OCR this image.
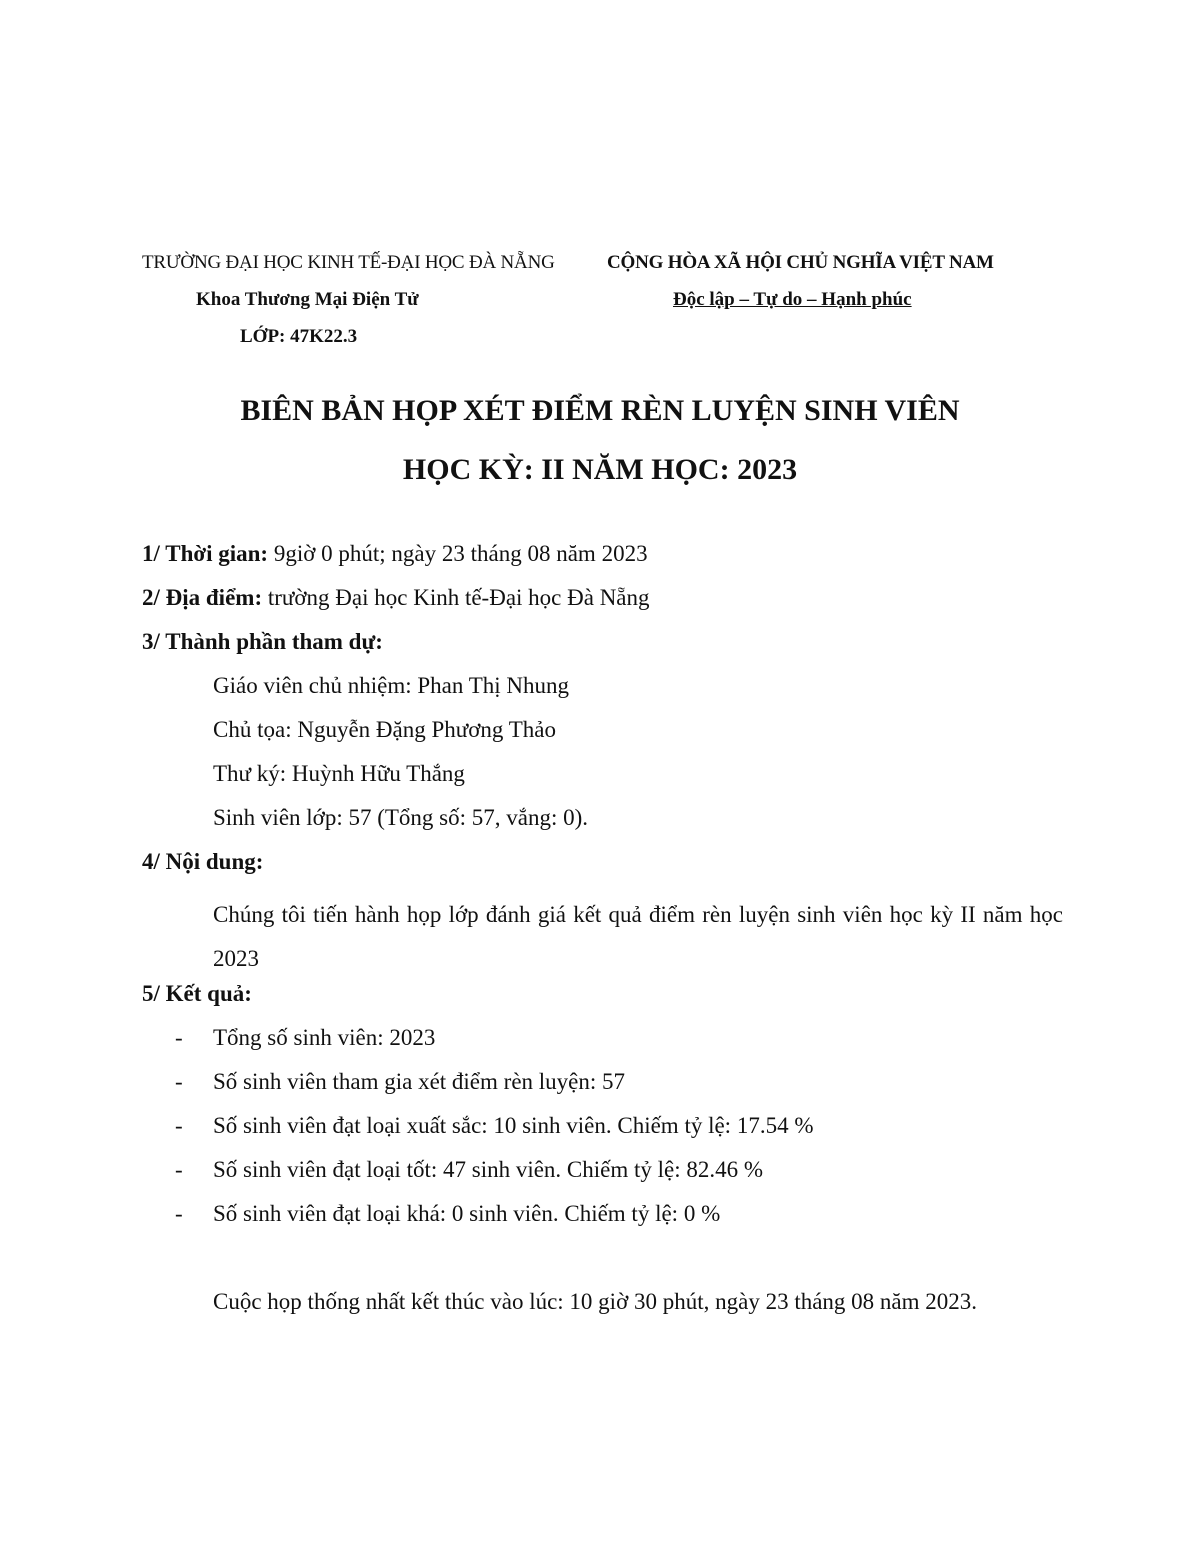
TRƯỜNG ĐẠI HỌC KINH TẾ-ĐẠI HỌC ĐÀ NẴNG
Khoa Thương Mại Điện Tử
LỚP: 47K22.3
CỘNG HÒA XÃ HỘI CHỦ NGHĨA VIỆT NAM
Độc lập – Tự do – Hạnh phúc
BIÊN BẢN HỌP XÉT ĐIỂM RÈN LUYỆN SINH VIÊN
HỌC KỲ: II NĂM HỌC: 2023
1/ Thời gian: 9giờ 0 phút; ngày 23 tháng 08 năm 2023
2/ Địa điểm: trường Đại học Kinh tế-Đại học Đà Nẵng
3/ Thành phần tham dự:
Giáo viên chủ nhiệm: Phan Thị Nhung
Chủ tọa: Nguyễn Đặng Phương Thảo
Thư ký: Huỳnh Hữu Thắng
Sinh viên lớp: 57 (Tổng số: 57, vắng: 0).
4/ Nội dung:
Chúng tôi tiến hành họp lớp đánh giá kết quả điểm rèn luyện sinh viên học kỳ II năm học 2023
5/ Kết quả:
- Tổng số sinh viên: 2023
- Số sinh viên tham gia xét điểm rèn luyện: 57
- Số sinh viên đạt loại xuất sắc: 10 sinh viên. Chiếm tỷ lệ: 17.54 %
- Số sinh viên đạt loại tốt: 47 sinh viên. Chiếm tỷ lệ: 82.46 %
- Số sinh viên đạt loại khá: 0 sinh viên. Chiếm tỷ lệ: 0 %
Cuộc họp thống nhất kết thúc vào lúc: 10 giờ 30 phút, ngày 23 tháng 08 năm 2023.
